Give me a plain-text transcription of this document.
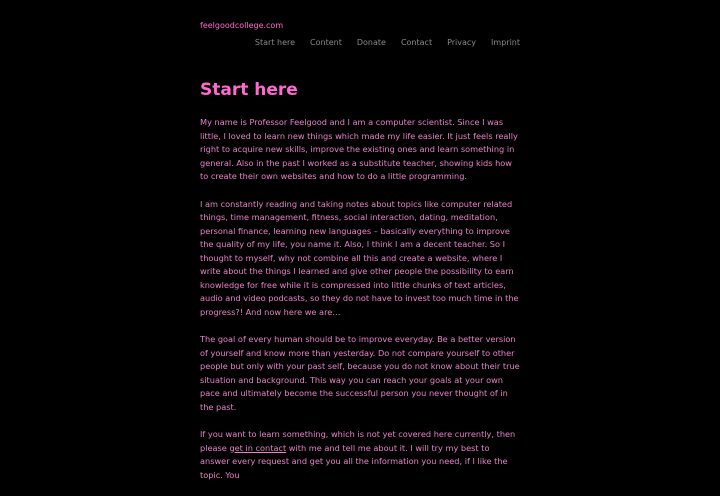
feelgoodcollege.com
Start here Content Donate Contact Privacy Imprint
Start here

My name is Professor Feelgood and I am a computer scientist. Since I was little, I loved to learn new things which made my life easier. It just feels really right to acquire new skills, improve the existing ones and learn something in general. Also in the past I worked as a substitute teacher, showing kids how to create their own websites and how to do a little programming.

I am constantly reading and taking notes about topics like computer related things, time management, fitness, social interaction, dating, meditation, personal finance, learning new languages – basically everything to improve the quality of my life, you name it. Also, I think I am a decent teacher. So I thought to myself, why not combine all this and create a website, where I write about the things I learned and give other people the possibility to earn knowledge for free while it is compressed into little chunks of text articles, audio and video podcasts, so they do not have to invest too much time in the progress?! And now here we are…

The goal of every human should be to improve everyday. Be a better version of yourself and know more than yesterday. Do not compare yourself to other people but only with your past self, because you do not know about their true situation and background. This way you can reach your goals at your own pace and ultimately become the successful person you never thought of in the past.

If you want to learn something, which is not yet covered here currently, then please get in contact with me and tell me about it. I will try my best to answer every request and get you all the information you need, if I like the topic. You
